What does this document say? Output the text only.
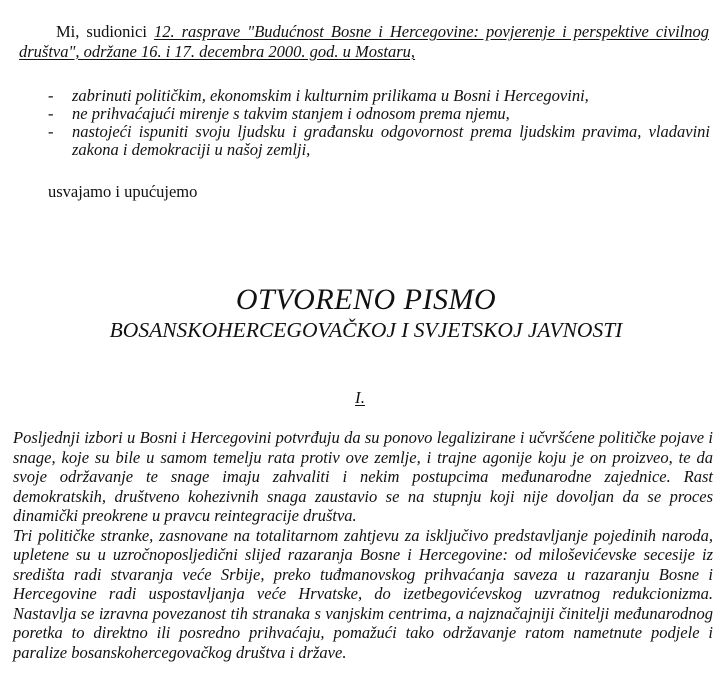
Mi, sudionici 12. rasprave "Budućnost Bosne i Hercegovine: povjerenje i perspektive civilnog društva", održane 16. i 17. decembra 2000. god. u Mostaru,
- zabrinuti političkim, ekonomskim i kulturnim prilikama u Bosni i Hercegovini,
- ne prihvaćajući mirenje s takvim stanjem i odnosom prema njemu,
- nastojeći ispuniti svoju ljudsku i građansku odgovornost prema ljudskim pravima, vladavini zakona i demokraciji u našoj zemlji,
usvajamo i upućujemo
OTVORENO PISMO
BOSANSKOHERCEGOVAČKOJ I SVJETSKOJ JAVNOSTI
I.

Posljednji izbori u Bosni i Hercegovini potvrđuju da su ponovo legalizirane i učvršćene političke pojave i snage, koje su bile u samom temelju rata protiv ove zemlje, i trajne agonije koju je on proizveo, te da svoje održavanje te snage imaju zahvaliti i nekim postupcima međunarodne zajednice. Rast demokratskih, društveno kohezivnih snaga zaustavio se na stupnju koji nije dovoljan da se proces dinamički preokrene u pravcu reintegracije društva.

Tri političke stranke, zasnovane na totalitarnom zahtjevu za isključivo predstavljanje pojedinih naroda, upletene su u uzročnoposljedični slijed razaranja Bosne i Hercegovine: od miloševićevske secesije iz središta radi stvaranja veće Srbije, preko tuđmanovskog prihvaćanja saveza u razaranju Bosne i Hercegovine radi uspostavljanja veće Hrvatske, do izetbegovićevskog uzvratnog redukcionizma. Nastavlja se izravna povezanost tih stranaka s vanjskim centrima, a najznačajniji činitelji međunarodnog poretka to direktno ili posredno prihvaćaju, pomažući tako održavanje ratom nametnute podjele i paralize bosanskohercegovačkog društva i države.
